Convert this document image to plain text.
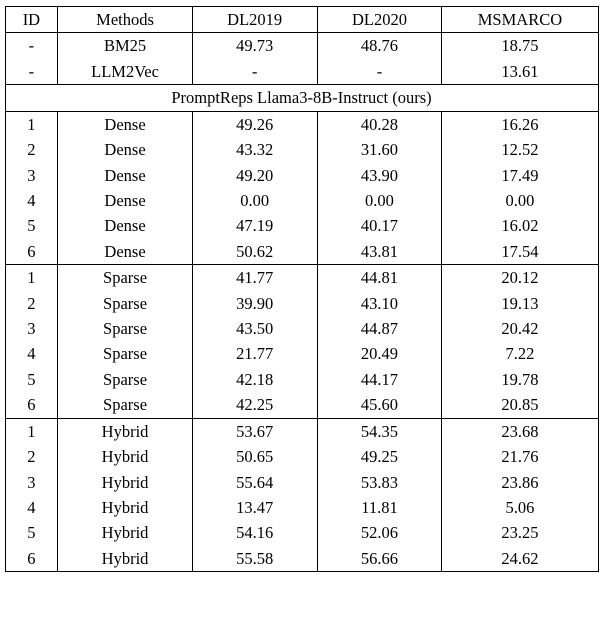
ID	Methods	DL2019	DL2020	MSMARCO
-	BM25	49.73	48.76	18.75
-	LLM2Vec	-	-	13.61
PromptReps Llama3-8B-Instruct (ours)				
1	Dense	49.26	40.28	16.26
2	Dense	43.32	31.60	12.52
3	Dense	49.20	43.90	17.49
4	Dense	0.00	0.00	0.00
5	Dense	47.19	40.17	16.02
6	Dense	50.62	43.81	17.54
1	Sparse	41.77	44.81	20.12
2	Sparse	39.90	43.10	19.13
3	Sparse	43.50	44.87	20.42
4	Sparse	21.77	20.49	7.22
5	Sparse	42.18	44.17	19.78
6	Sparse	42.25	45.60	20.85
1	Hybrid	53.67	54.35	23.68
2	Hybrid	50.65	49.25	21.76
3	Hybrid	55.64	53.83	23.86
4	Hybrid	13.47	11.81	5.06
5	Hybrid	54.16	52.06	23.25
6	Hybrid	55.58	56.66	24.62
